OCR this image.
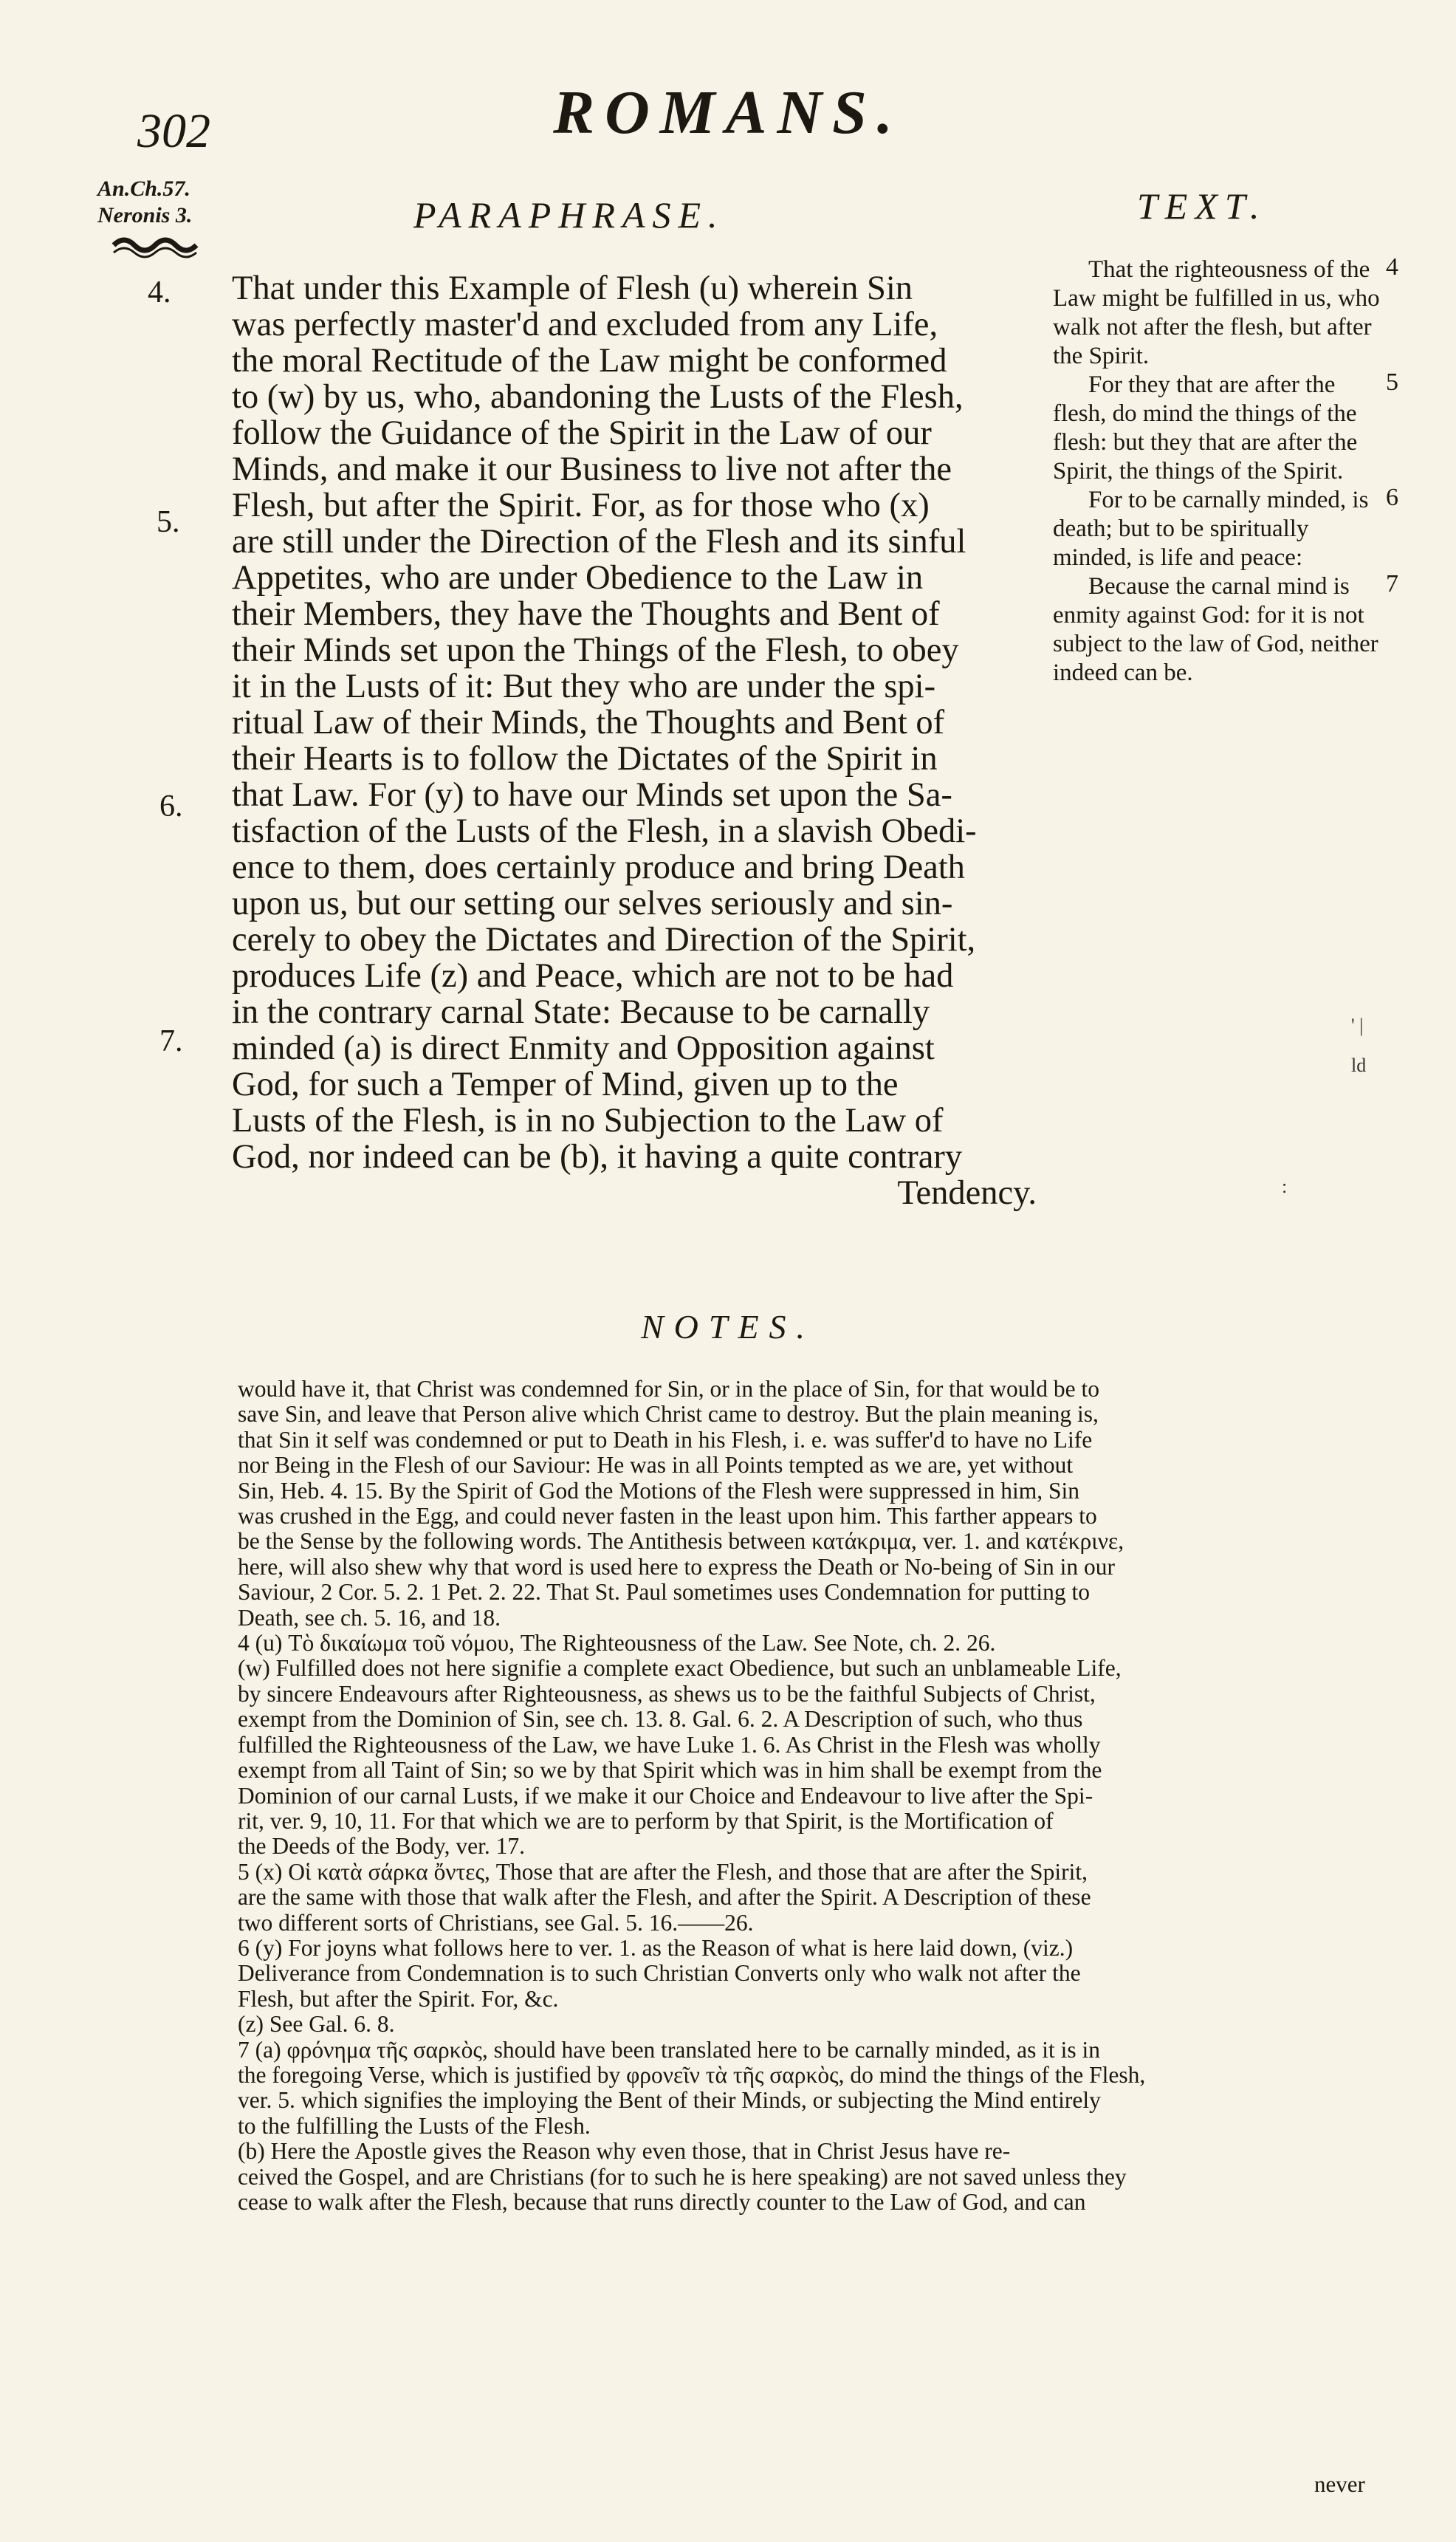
302	ROMANS.
An.Ch.57.
Neronis 3.	PARAPHRASE.	TEXT.
4.
5.
6.
7.
That under this Example of Flesh (u) wherein Sin
was perfectly master'd and excluded from any Life,
the moral Rectitude of the Law might be conformed
to (w) by us, who, abandoning the Lusts of the Flesh,
follow the Guidance of the Spirit in the Law of our
Minds, and make it our Business to live not after the
Flesh, but after the Spirit. For, as for those who (x)
are still under the Direction of the Flesh and its sinful
Appetites, who are under Obedience to the Law in
their Members, they have the Thoughts and Bent of
their Minds set upon the Things of the Flesh, to obey
it in the Lusts of it: But they who are under the spi-
ritual Law of their Minds, the Thoughts and Bent of
their Hearts is to follow the Dictates of the Spirit in
that Law. For (y) to have our Minds set upon the Sa-
tisfaction of the Lusts of the Flesh, in a slavish Obedi-
ence to them, does certainly produce and bring Death
upon us, but our setting our selves seriously and sin-
cerely to obey the Dictates and Direction of the Spirit,
produces Life (z) and Peace, which are not to be had
in the contrary carnal State: Because to be carnally
minded (a) is direct Enmity and Opposition against
God, for such a Temper of Mind, given up to the
Lusts of the Flesh, is in no Subjection to the Law of
God, nor indeed can be (b), it having a quite contrary
Tendency.
4

That the righteousness of the Law might be fulfilled in us, who walk not after the flesh, but after the Spirit.

5

For they that are after the flesh, do mind the things of the flesh: but they that are after the Spirit, the things of the Spirit.

6

For to be carnally minded, is death; but to be spiritually minded, is life and peace:

7

Because the carnal mind is enmity against God: for it is not subject to the law of God, neither indeed can be.

' |
ld
:
NOTES.
would have it, that Christ was condemned for Sin, or in the place of Sin, for that would be to
save Sin, and leave that Person alive which Christ came to destroy. But the plain meaning is,
that Sin it self was condemned or put to Death in his Flesh, i. e. was suffer'd to have no Life
nor Being in the Flesh of our Saviour: He was in all Points tempted as we are, yet without
Sin, Heb. 4. 15. By the Spirit of God the Motions of the Flesh were suppressed in him, Sin
was crushed in the Egg, and could never fasten in the least upon him. This farther appears to
be the Sense by the following words. The Antithesis between κατάκριμα, ver. 1. and κατέκρινε,
here, will also shew why that word is used here to express the Death or No-being of Sin in our
Saviour, 2 Cor. 5. 2. 1 Pet. 2. 22. That St. Paul sometimes uses Condemnation for putting to
Death, see ch. 5. 16, and 18.
4 (u) Τὸ δικαίωμα τοῦ νόμου, The Righteousness of the Law. See Note, ch. 2. 26.
(w) Fulfilled does not here signifie a complete exact Obedience, but such an unblameable Life,
by sincere Endeavours after Righteousness, as shews us to be the faithful Subjects of Christ,
exempt from the Dominion of Sin, see ch. 13. 8. Gal. 6. 2. A Description of such, who thus
fulfilled the Righteousness of the Law, we have Luke 1. 6. As Christ in the Flesh was wholly
exempt from all Taint of Sin; so we by that Spirit which was in him shall be exempt from the
Dominion of our carnal Lusts, if we make it our Choice and Endeavour to live after the Spi-
rit, ver. 9, 10, 11. For that which we are to perform by that Spirit, is the Mortification of
the Deeds of the Body, ver. 17.
5 (x) Οἱ κατὰ σάρκα ὄντες, Those that are after the Flesh, and those that are after the Spirit,
are the same with those that walk after the Flesh, and after the Spirit. A Description of these
two different sorts of Christians, see Gal. 5. 16.——26.
6 (y) For joyns what follows here to ver. 1. as the Reason of what is here laid down, (viz.)
Deliverance from Condemnation is to such Christian Converts only who walk not after the
Flesh, but after the Spirit. For, &c.
(z) See Gal. 6. 8.
7 (a) φρόνημα τῆς σαρκὸς, should have been translated here to be carnally minded, as it is in
the foregoing Verse, which is justified by φρονεῖν τὰ τῆς σαρκὸς, do mind the things of the Flesh,
ver. 5. which signifies the imploying the Bent of their Minds, or subjecting the Mind entirely
to the fulfilling the Lusts of the Flesh.
(b) Here the Apostle gives the Reason why even those, that in Christ Jesus have re-
ceived the Gospel, and are Christians (for to such he is here speaking) are not saved unless they
cease to walk after the Flesh, because that runs directly counter to the Law of God, and can
never
